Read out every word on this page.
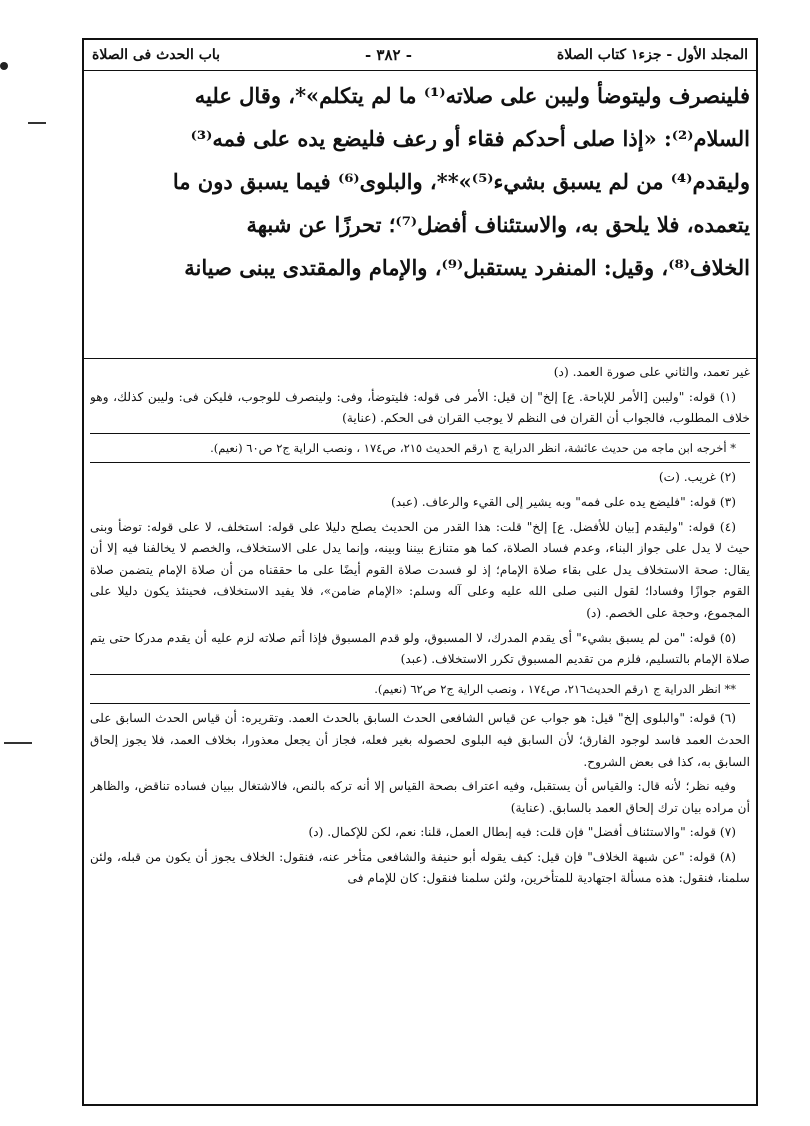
المجلد الأول - جزء١ كتاب الصلاة
- ٣٨٢ -
باب الحدث فى الصلاة
فلينصرف وليتوضأ وليبن على صلاته⁽¹⁾ ما لم يتكلم»*، وقال عليه
السلام⁽²⁾: «إذا صلى أحدكم فقاء أو رعف فليضع يده على فمه⁽³⁾
وليقدم⁽⁴⁾ من لم يسبق بشيء⁽⁵⁾»**، والبلوى⁽⁶⁾ فيما يسبق دون ما
يتعمده، فلا يلحق به، والاستئناف أفضل⁽⁷⁾؛ تحرزًا عن شبهة
الخلاف⁽⁸⁾، وقيل: المنفرد يستقبل⁽⁹⁾، والإمام والمقتدى يبنى صيانة

غير تعمد، والثاني على صورة العمد. (د)

(١) قوله: "وليبن [الأمر للإباحة. ع] إلخ" إن قيل: الأمر فى قوله: فليتوضأ، وفى: ولينصرف للوجوب، فليكن فى: وليبن كذلك، وهو خلاف المطلوب، فالجواب أن القران فى النظم لا يوجب القران فى الحكم. (عناية)

* أخرجه ابن ماجه من حديث عائشة، انظر الدراية ج ١رقم الحديث ٢١٥، ص١٧٤ ، ونصب الراية ج٢ ص٦٠ (نعيم).

(٢) غريب. (ت)

(٣) قوله: "فليضع يده على فمه" وبه يشير إلى القيء والرعاف. (عبد)

(٤) قوله: "وليقدم [بيان للأفضل. ع] إلخ" قلت: هذا القدر من الحديث يصلح دليلا على قوله: استخلف، لا على قوله: توضأ وبنى حيث لا يدل على جواز البناء، وعدم فساد الصلاة، كما هو متنازع بيننا وبينه، وإنما يدل على الاستخلاف، والخصم لا يخالفنا فيه إلا أن يقال: صحة الاستخلاف يدل على بقاء صلاة الإمام؛ إذ لو فسدت صلاة القوم أيضًا على ما حققناه من أن صلاة الإمام يتضمن صلاة القوم جوازًا وفسادا؛ لقول النبى صلى الله عليه وعلى آله وسلم: «الإمام ضامن»، فلا يفيد الاستخلاف، فحينئذ يكون دليلا على المجموع، وحجة على الخصم. (د)

(٥) قوله: "من لم يسبق بشيء" أى يقدم المدرك، لا المسبوق، ولو قدم المسبوق فإذا أتم صلاته لزم عليه أن يقدم مدركا حتى يتم صلاة الإمام بالتسليم، فلزم من تقديم المسبوق تكرر الاستخلاف. (عبد)

** انظر الدراية ج ١رقم الحديث٢١٦، ص١٧٤ ، ونصب الراية ج٢ ص٦٢ (نعيم).

(٦) قوله: "والبلوى إلخ" قيل: هو جواب عن قياس الشافعى الحدث السابق بالحدث العمد. وتقريره: أن قياس الحدث السابق على الحدث العمد فاسد لوجود الفارق؛ لأن السابق فيه البلوى لحصوله بغير فعله، فجاز أن يجعل معذورا، بخلاف العمد، فلا يجوز إلحاق السابق به، كذا فى بعض الشروح.

وفيه نظر؛ لأنه قال: والقياس أن يستقبل، وفيه اعتراف بصحة القياس إلا أنه تركه بالنص، فالاشتغال ببيان فساده تناقض، والظاهر أن مراده بيان ترك إلحاق العمد بالسابق. (عناية)

(٧) قوله: "والاستئناف أفضل" فإن قلت: فيه إبطال العمل، قلنا: نعم، لكن للإكمال. (د)

(٨) قوله: "عن شبهة الخلاف" فإن قيل: كيف يقوله أبو حنيفة والشافعى متأخر عنه، فنقول: الخلاف يجوز أن يكون من قبله، ولئن سلمنا، فنقول: هذه مسألة اجتهادية للمتأخرين، ولئن سلمنا فنقول: كان للإمام فى
